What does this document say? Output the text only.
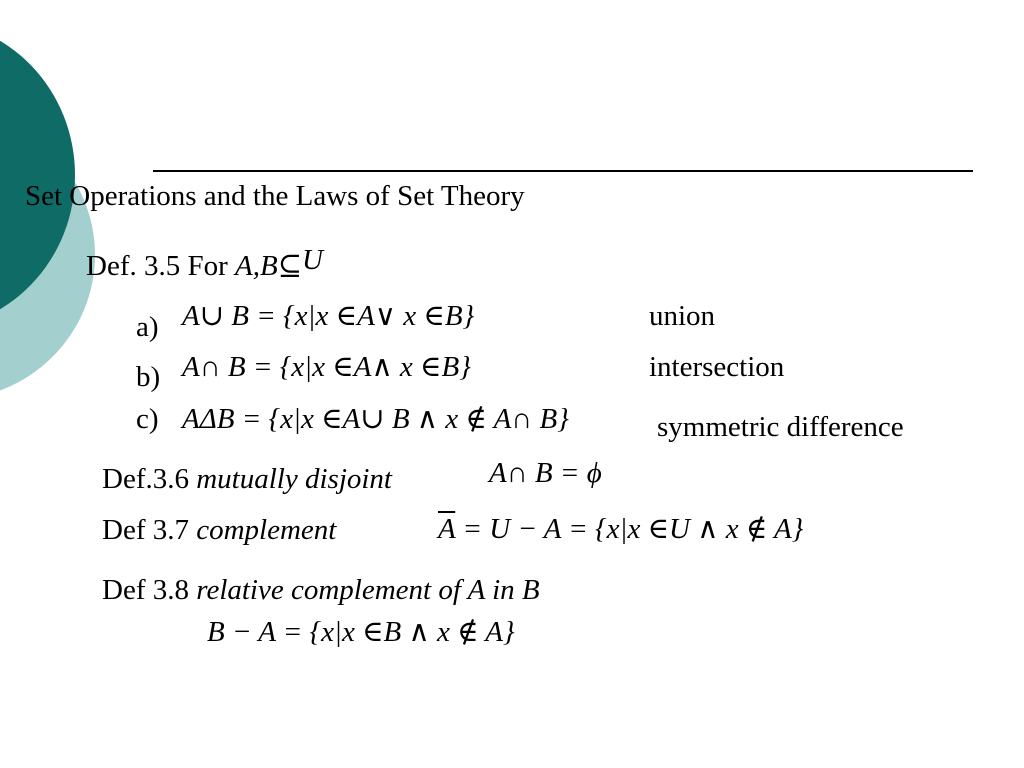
Set Operations and the Laws of Set Theory
Def. 3.5 For A,B⊆U
a) A∪ B = {x|x ∈A∨ x ∈B}	union
b) A∩ B = {x|x ∈A∧ x ∈B}	intersection
c) AΔB = {x|x ∈A∪ B ∧ x ∉ A∩ B}	symmetric difference
Def.3.6 mutually disjoint	A∩ B = ϕ
Def 3.7 complement	$\overline{A} = U - A = \{x|x$ ∈U ∧ x ∉ A}
Def 3.8 relative complement of A in B
B − A = {x|x ∈B ∧ x ∉ A}
